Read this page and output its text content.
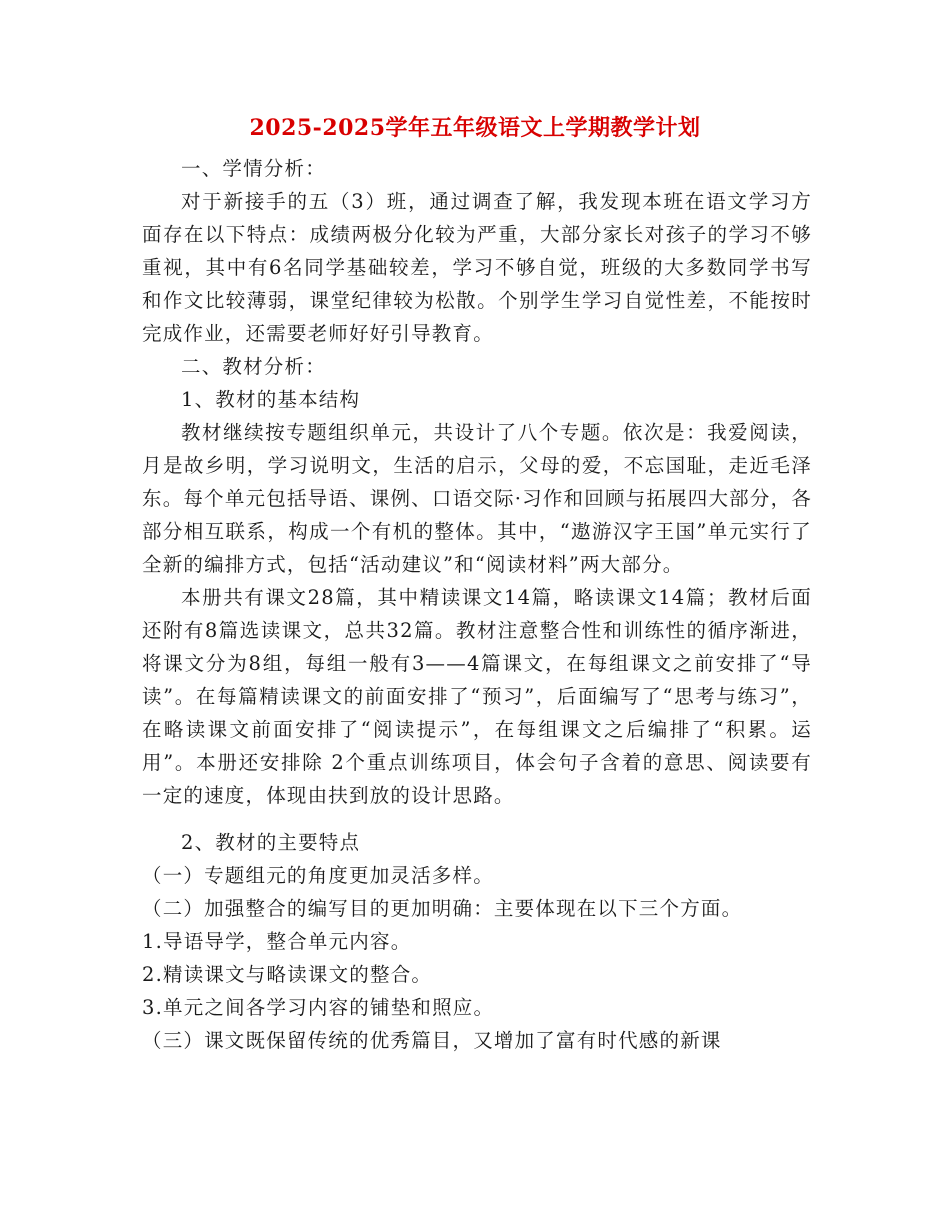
2025-2025学年五年级语文上学期教学计划

一、学情分析：

对于新接手的五（3）班，通过调查了解，我发现本班在语文学习方面存在以下特点：成绩两极分化较为严重，大部分家长对孩子的学习不够重视，其中有6名同学基础较差，学习不够自觉，班级的大多数同学书写和作文比较薄弱，课堂纪律较为松散。个别学生学习自觉性差，不能按时完成作业，还需要老师好好引导教育。

二、教材分析：

1、教材的基本结构

教材继续按专题组织单元，共设计了八个专题。依次是：我爱阅读，月是故乡明，学习说明文，生活的启示，父母的爱，不忘国耻，走近毛泽东。每个单元包括导语、课例、口语交际·习作和回顾与拓展四大部分，各部分相互联系，构成一个有机的整体。其中，“遨游汉字王国”单元实行了全新的编排方式，包括“活动建议”和“阅读材料”两大部分。

本册共有课文28篇，其中精读课文14篇，略读课文14篇；教材后面还附有8篇选读课文，总共32篇。教材注意整合性和训练性的循序渐进，将课文分为8组，每组一般有3——4篇课文，在每组课文之前安排了“导读”。在每篇精读课文的前面安排了“预习”，后面编写了“思考与练习”，在略读课文前面安排了“阅读提示”，在每组课文之后编排了“积累。运用”。本册还安排除 2个重点训练项目，体会句子含着的意思、阅读要有一定的速度，体现由扶到放的设计思路。

2、教材的主要特点

（一）专题组元的角度更加灵活多样。

（二）加强整合的编写目的更加明确：主要体现在以下三个方面。

1.导语导学，整合单元内容。

2.精读课文与略读课文的整合。

3.单元之间各学习内容的铺垫和照应。

（三）课文既保留传统的优秀篇目，又增加了富有时代感的新课
